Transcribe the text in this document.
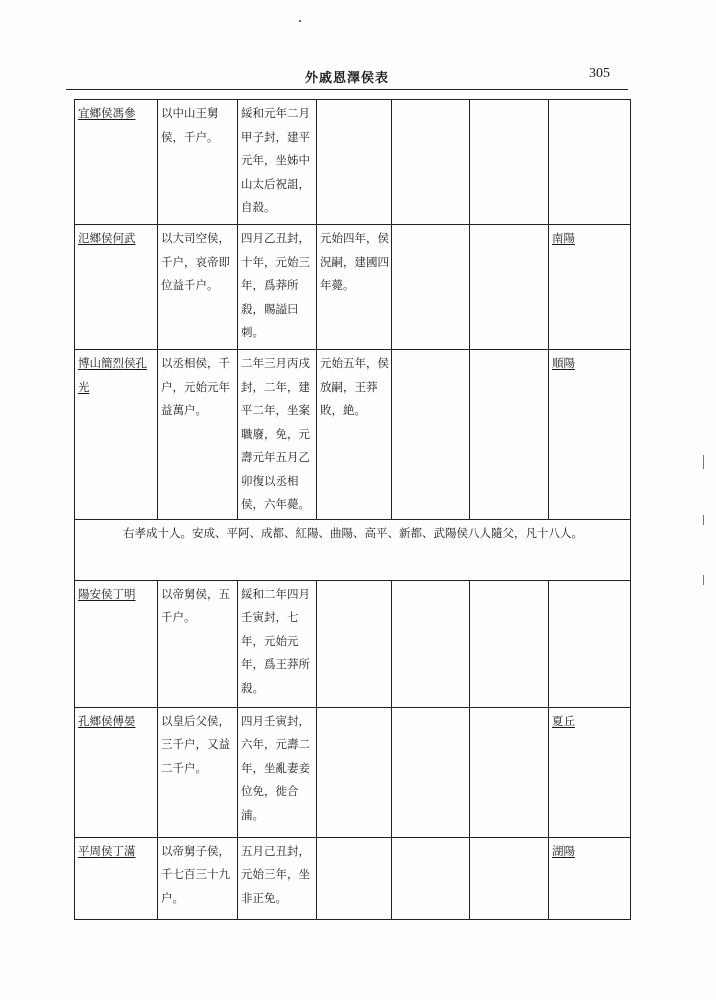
外戚恩澤侯表	305
宜鄉侯馮參	以中山王舅侯，千户。	綏和元年二月甲子封，建平元年，坐姊中山太后祝詛，自殺。				
氾鄉侯何武	以大司空侯，千户，哀帝即位益千户。	四月乙丑封，十年，元始三年，爲莽所殺，賜謚曰刺。	元始四年，侯況嗣，建國四年薨。			南陽
博山簡烈侯孔光	以丞相侯，千户，元始元年益萬户。	二年三月丙戌封，二年，建平二年，坐案職廢，免，元壽元年五月乙卯復以丞相侯，六年薨。	元始五年，侯放嗣，王莽敗，絶。			順陽
右孝成十人。安成、平阿、成都、紅陽、曲陽、高平、新都、武陽侯八人隨父，凡十八人。						
陽安侯丁明	以帝舅侯，五千户。	綏和二年四月壬寅封，七年，元始元年，爲王莽所殺。				
孔鄉侯傅晏	以皇后父侯，三千户，又益二千户。	四月壬寅封，六年，元壽二年，坐亂妻妾位免，徙合浦。				夏丘
平周侯丁滿	以帝舅子侯，千七百三十九户。	五月己丑封，元始三年，坐非正免。				湖陽
